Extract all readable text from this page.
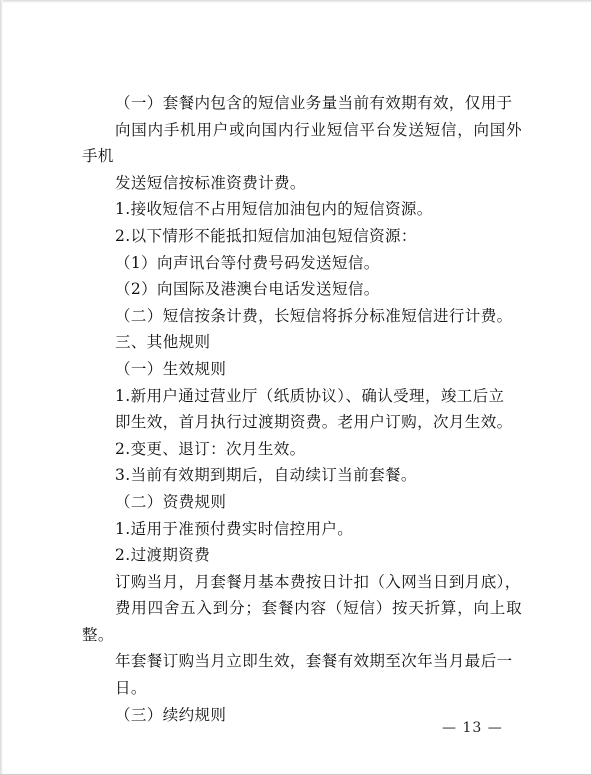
（一）套餐内包含的短信业务量当前有效期有效，仅用于
向国内手机用户或向国内行业短信平台发送短信，向国外手机
发送短信按标准资费计费。

1.接收短信不占用短信加油包内的短信资源。

2.以下情形不能抵扣短信加油包短信资源：

（1）向声讯台等付费号码发送短信。

（2）向国际及港澳台电话发送短信。

（二）短信按条计费，长短信将拆分标准短信进行计费。

三、其他规则

（一）生效规则

1.新用户通过营业厅（纸质协议）、确认受理，竣工后立
即生效，首月执行过渡期资费。老用户订购，次月生效。

2.变更、退订：次月生效。

3.当前有效期到期后，自动续订当前套餐。

（二）资费规则

1.适用于准预付费实时信控用户。

2.过渡期资费

订购当月，月套餐月基本费按日计扣（入网当日到月底），
费用四舍五入到分；套餐内容（短信）按天折算，向上取整。

年套餐订购当月立即生效，套餐有效期至次年当月最后一
日。

（三）续约规则

— 13 —
